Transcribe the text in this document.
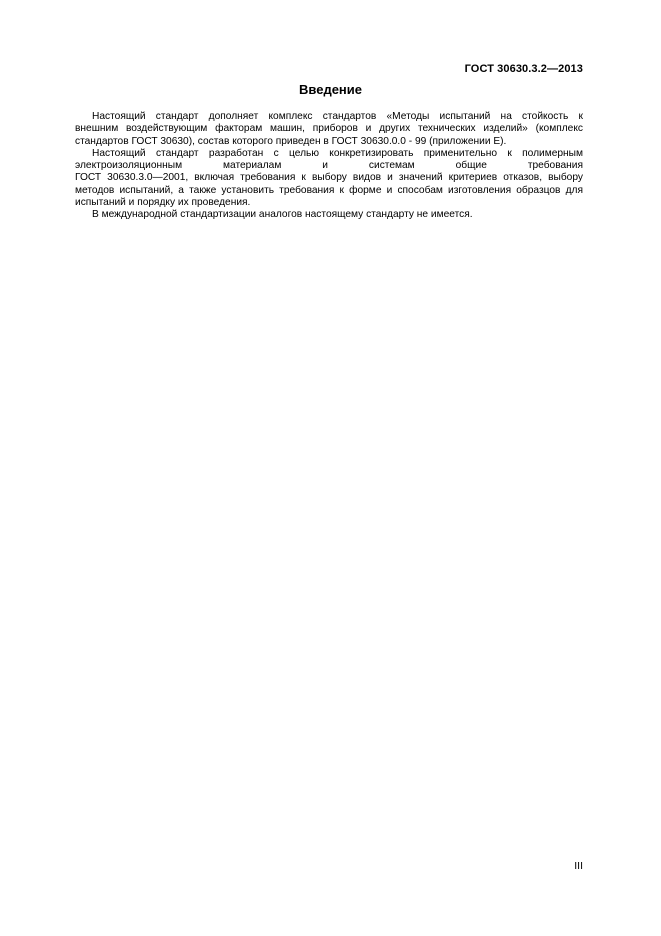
ГОСТ 30630.3.2—2013
Введение
Настоящий стандарт дополняет комплекс стандартов «Методы испытаний на стойкость к
внешним воздействующим факторам машин, приборов и других технических изделий» (комплекс
стандартов ГОСТ 30630), состав которого приведен в ГОСТ 30630.0.0 - 99 (приложении Е).
Настоящий стандарт разработан с целью конкретизировать применительно к полимерным
электроизоляционным материалам и системам общие требования
ГОСТ 30630.3.0—2001, включая требования к выбору видов и значений критериев отказов, выбору
методов испытаний, а также установить требования к форме и способам изготовления образцов для
испытаний и порядку их проведения.
В международной стандартизации аналогов настоящему стандарту не имеется.
III
